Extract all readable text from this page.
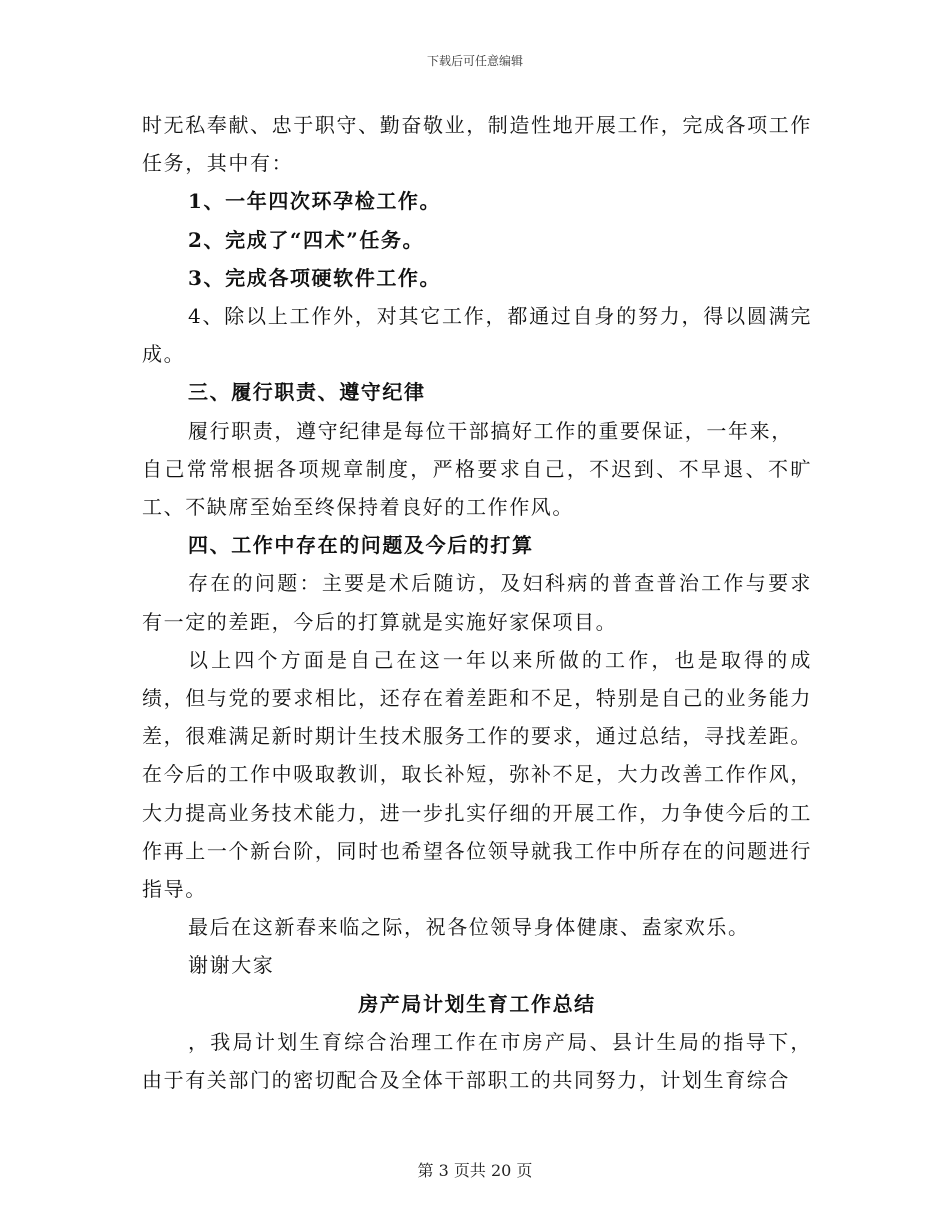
下载后可任意编辑

时无私奉献、忠于职守、勤奋敬业，制造性地开展工作，完成各项工作任务，其中有：

1、一年四次环孕检工作。

2、完成了“四术”任务。

3、完成各项硬软件工作。

4、除以上工作外，对其它工作，都通过自身的努力，得以圆满完成。

三、履行职责、遵守纪律

履行职责，遵守纪律是每位干部搞好工作的重要保证，一年来，

自己常常根据各项规章制度，严格要求自己，不迟到、不早退、不旷工、不缺席至始至终保持着良好的工作作风。

四、工作中存在的问题及今后的打算

存在的问题：主要是术后随访，及妇科病的普查普治工作与要求有一定的差距，今后的打算就是实施好家保项目。

以上四个方面是自己在这一年以来所做的工作，也是取得的成绩，但与党的要求相比，还存在着差距和不足，特别是自己的业务能力差，很难满足新时期计生技术服务工作的要求，通过总结，寻找差距。在今后的工作中吸取教训，取长补短，弥补不足，大力改善工作作风，大力提高业务技术能力，进一步扎实仔细的开展工作，力争使今后的工作再上一个新台阶，同时也希望各位领导就我工作中所存在的问题进行指导。

最后在这新春来临之际，祝各位领导身体健康、盍家欢乐。

谢谢大家

房产局计划生育工作总结

，我局计划生育综合治理工作在市房产局、县计生局的指导下，由于有关部门的密切配合及全体干部职工的共同努力，计划生育综合

第 3 页共 20 页
